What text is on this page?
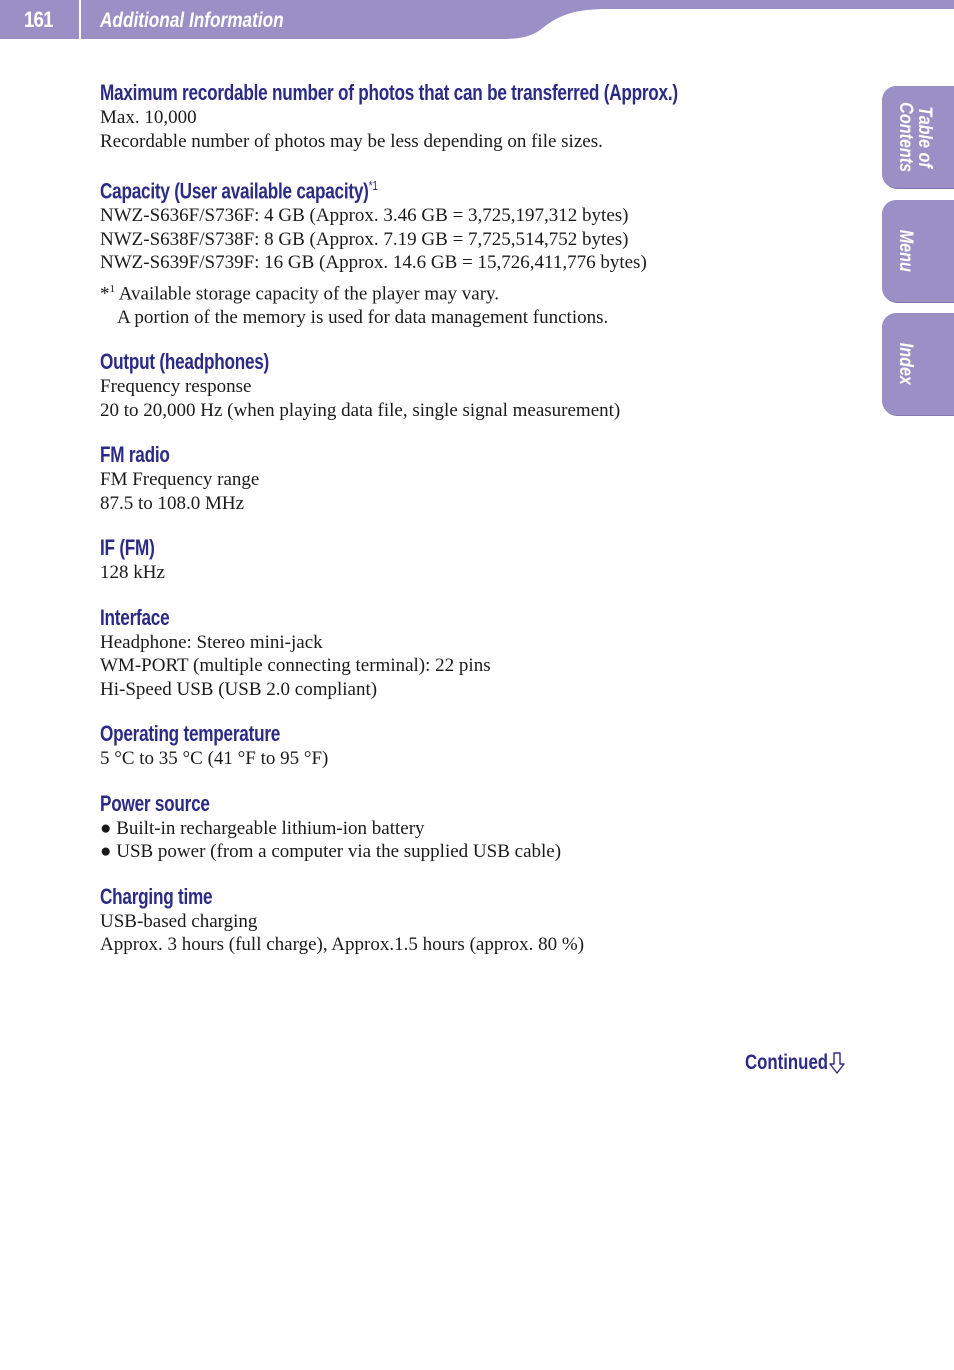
161 Additional Information
Table of
Contents
Menu
Index
Maximum recordable number of photos that can be transferred (Approx.)
Max. 10,000
Recordable number of photos may be less depending on file sizes.
Capacity (User available capacity)$^{*1}$
NWZ-S636F/S736F: 4 GB (Approx. 3.46 GB = 3,725,197,312 bytes)
NWZ-S638F/S738F: 8 GB (Approx. 7.19 GB = 7,725,514,752 bytes)
NWZ-S639F/S739F: 16 GB (Approx. 14.6 GB = 15,726,411,776 bytes)
*$^1$ Available storage capacity of the player may vary.
A portion of the memory is used for data management functions.
Output (headphones)
Frequency response
20 to 20,000 Hz (when playing data file, single signal measurement)
FM radio
FM Frequency range
87.5 to 108.0 MHz
IF (FM)
128 kHz
Interface
Headphone: Stereo mini-jack
WM-PORT (multiple connecting terminal): 22 pins
Hi-Speed USB (USB 2.0 compliant)
Operating temperature
5 °C to 35 °C (41 °F to 95 °F)
Power source
● Built-in rechargeable lithium-ion battery
● USB power (from a computer via the supplied USB cable)
Charging time
USB-based charging
Approx. 3 hours (full charge), Approx.1.5 hours (approx. 80 %)
Continued
